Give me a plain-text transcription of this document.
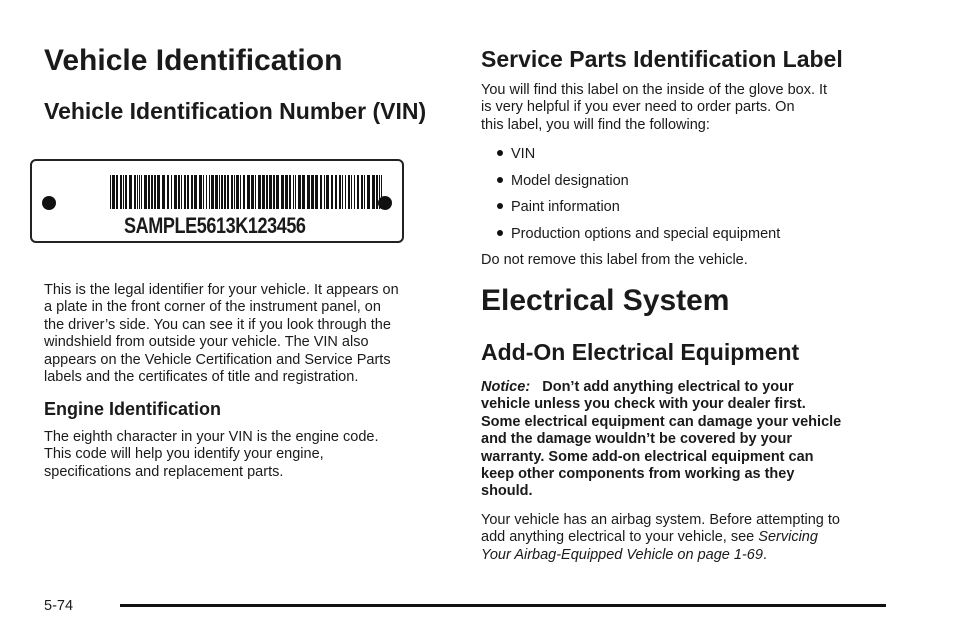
Vehicle Identification
Vehicle Identification Number (VIN)
SAMPLE5613K123456
This is the legal identifier for your vehicle. It appears on
a plate in the front corner of the instrument panel, on
the driver’s side. You can see it if you look through the
windshield from outside your vehicle. The VIN also
appears on the Vehicle Certification and Service Parts
labels and the certificates of title and registration.
Engine Identification
The eighth character in your VIN is the engine code.
This code will help you identify your engine,
specifications and replacement parts.
Service Parts Identification Label
You will find this label on the inside of the glove box. It
is very helpful if you ever need to order parts. On
this label, you will find the following:
VIN
Model designation
Paint information
Production options and special equipment
Do not remove this label from the vehicle.
Electrical System
Add-On Electrical Equipment
Notice: Don’t add anything electrical to your
vehicle unless you check with your dealer first.
Some electrical equipment can damage your vehicle
and the damage wouldn’t be covered by your
warranty. Some add-on electrical equipment can
keep other components from working as they
should.
Your vehicle has an airbag system. Before attempting to
add anything electrical to your vehicle, see Servicing
Your Airbag-Equipped Vehicle on page 1-69.
5-74
